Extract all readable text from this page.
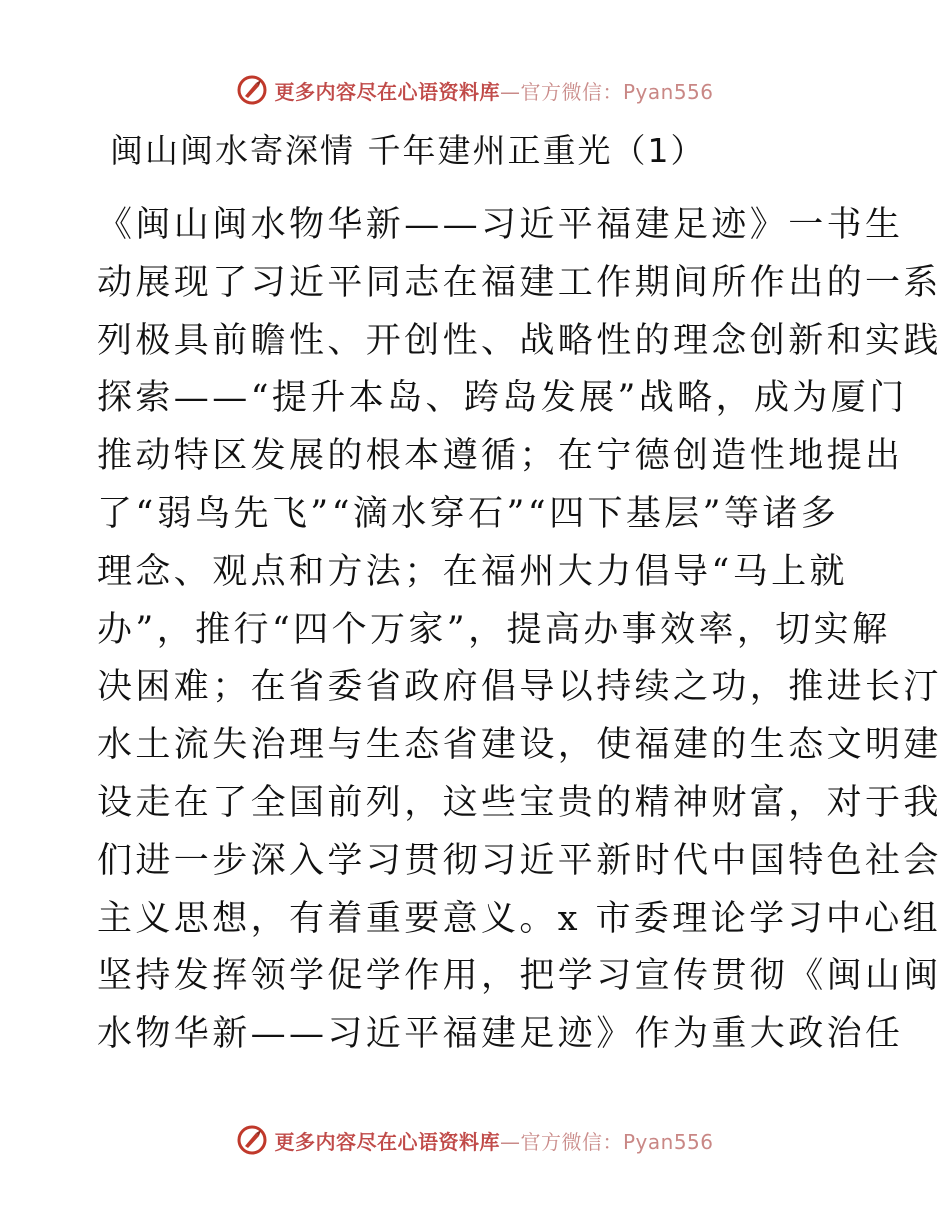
更多内容尽在心语资料库—官方微信：Pyan556
闽山闽水寄深情 千年建州正重光（1）
《闽山闽水物华新——习近平福建足迹》一书生
动展现了习近平同志在福建工作期间所作出的一系
列极具前瞻性、开创性、战略性的理念创新和实践
探索——“提升本岛、跨岛发展”战略，成为厦门
推动特区发展的根本遵循；在宁德创造性地提出
了“弱鸟先飞”“滴水穿石”“四下基层”等诸多
理念、观点和方法；在福州大力倡导“马上就
办”，推行“四个万家”，提高办事效率，切实解
决困难；在省委省政府倡导以持续之功，推进长汀
水土流失治理与生态省建设，使福建的生态文明建
设走在了全国前列，这些宝贵的精神财富，对于我
们进一步深入学习贯彻习近平新时代中国特色社会
主义思想，有着重要意义。x 市委理论学习中心组
坚持发挥领学促学作用，把学习宣传贯彻《闽山闽
水物华新——习近平福建足迹》作为重大政治任
更多内容尽在心语资料库—官方微信：Pyan556
